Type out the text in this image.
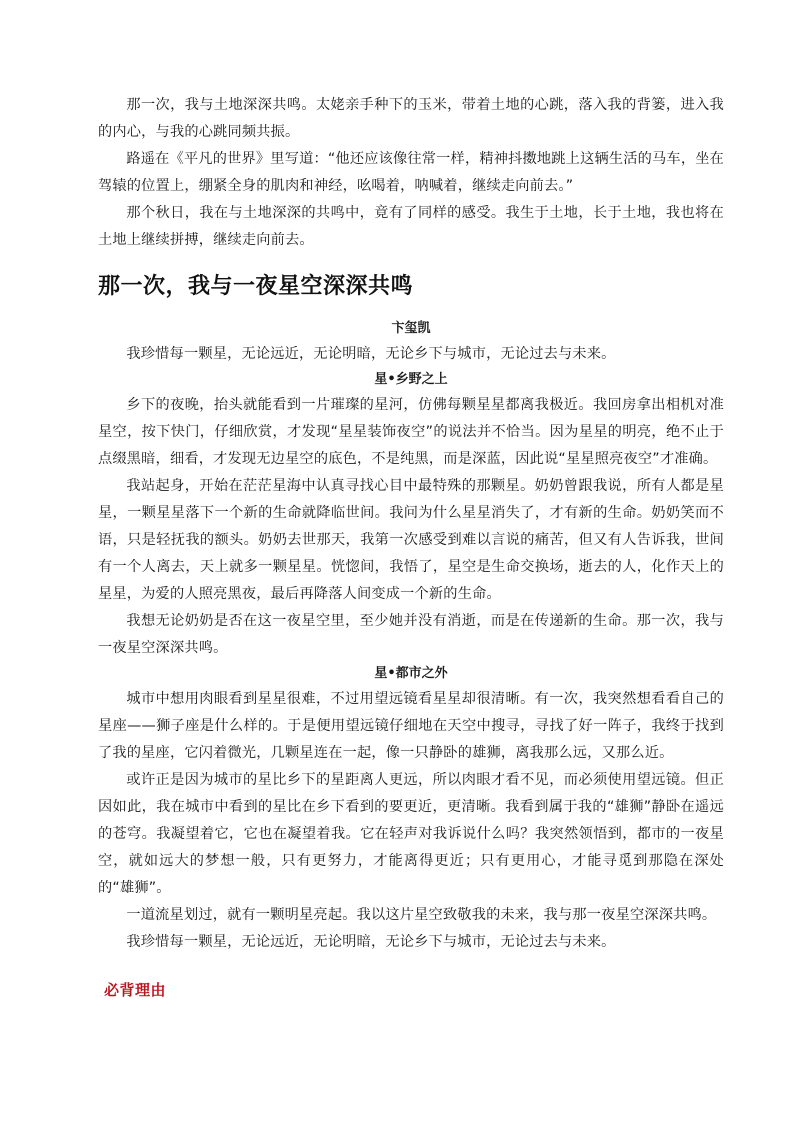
那一次，我与土地深深共鸣。太姥亲手种下的玉米，带着土地的心跳，落入我的背篓，进入我的内心，与我的心跳同频共振。

路遥在《平凡的世界》里写道：“他还应该像往常一样，精神抖擞地跳上这辆生活的马车，坐在驾辕的位置上，绷紧全身的肌肉和神经，吆喝着，呐喊着，继续走向前去。”

那个秋日，我在与土地深深的共鸣中，竟有了同样的感受。我生于土地，长于土地，我也将在土地上继续拼搏，继续走向前去。

那一次，我与一夜星空深深共鸣
卞玺凯

我珍惜每一颗星，无论远近，无论明暗，无论乡下与城市，无论过去与未来。

星•乡野之上

乡下的夜晚，抬头就能看到一片璀璨的星河，仿佛每颗星星都离我极近。我回房拿出相机对准星空，按下快门，仔细欣赏，才发现“星星装饰夜空”的说法并不恰当。因为星星的明亮，绝不止于点缀黑暗，细看，才发现无边星空的底色，不是纯黑，而是深蓝，因此说“星星照亮夜空”才准确。

我站起身，开始在茫茫星海中认真寻找心目中最特殊的那颗星。奶奶曾跟我说，所有人都是星星，一颗星星落下一个新的生命就降临世间。我问为什么星星消失了，才有新的生命。奶奶笑而不语，只是轻抚我的额头。奶奶去世那天，我第一次感受到难以言说的痛苦，但又有人告诉我，世间有一个人离去，天上就多一颗星星。恍惚间，我悟了，星空是生命交换场，逝去的人，化作天上的星星，为爱的人照亮黑夜，最后再降落人间变成一个新的生命。

我想无论奶奶是否在这一夜星空里，至少她并没有消逝，而是在传递新的生命。那一次，我与一夜星空深深共鸣。

星•都市之外

城市中想用肉眼看到星星很难，不过用望远镜看星星却很清晰。有一次，我突然想看看自己的星座——狮子座是什么样的。于是便用望远镜仔细地在天空中搜寻，寻找了好一阵子，我终于找到了我的星座，它闪着微光，几颗星连在一起，像一只静卧的雄狮，离我那么远，又那么近。

或许正是因为城市的星比乡下的星距离人更远，所以肉眼才看不见，而必须使用望远镜。但正因如此，我在城市中看到的星比在乡下看到的要更近，更清晰。我看到属于我的“雄狮”静卧在遥远的苍穹。我凝望着它，它也在凝望着我。它在轻声对我诉说什么吗？我突然领悟到，都市的一夜星空，就如远大的梦想一般，只有更努力，才能离得更近；只有更用心，才能寻觅到那隐在深处的“雄狮”。

一道流星划过，就有一颗明星亮起。我以这片星空致敬我的未来，我与那一夜星空深深共鸣。

我珍惜每一颗星，无论远近，无论明暗，无论乡下与城市，无论过去与未来。

必背理由
